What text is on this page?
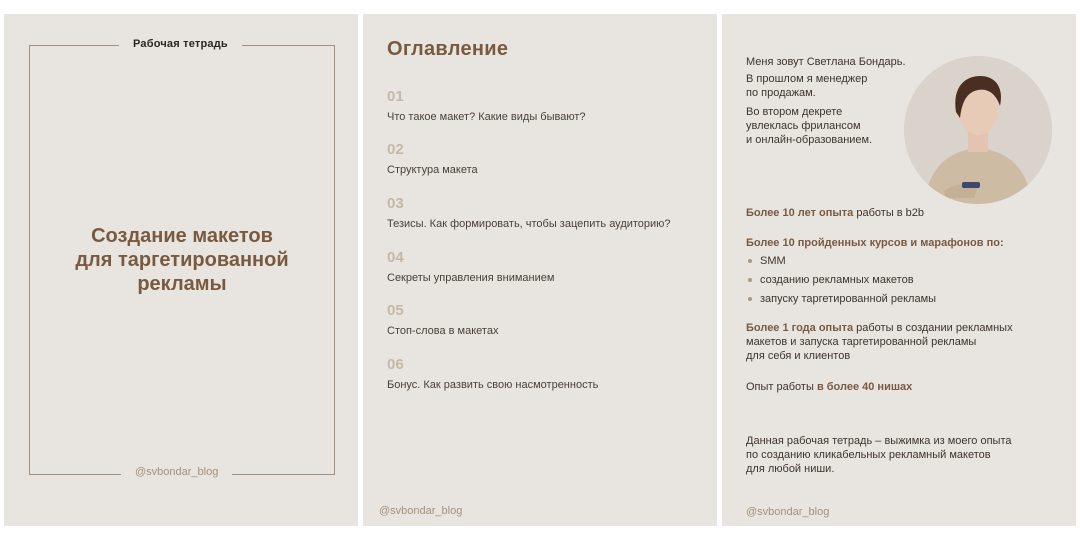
Рабочая тетрадь
Создание макетов
для таргетированной
рекламы
@svbondar_blog
Оглавление
01
Что такое макет? Какие виды бывают?
02
Структура макета
03
Тезисы. Как формировать, чтобы зацепить аудиторию?
04
Секреты управления вниманием
05
Стоп-слова в макетах
06
Бонус. Как развить свою насмотренность
@svbondar_blog
Меня зовут Светлана Бондарь.
В прошлом я менеджер
по продажам.
Во втором декрете
увлеклась фрилансом
и онлайн-образованием.
Более 10 лет опыта работы в b2b
Более 10 пройденных курсов и марафонов по:
SMM
созданию рекламных макетов
запуску таргетированной рекламы
Более 1 года опыта работы в создании рекламных
макетов и запуска таргетированной рекламы
для себя и клиентов
Опыт работы в более 40 нишах
Данная рабочая тетрадь – выжимка из моего опыта
по созданию кликабельных рекламный макетов
для любой ниши.
@svbondar_blog
